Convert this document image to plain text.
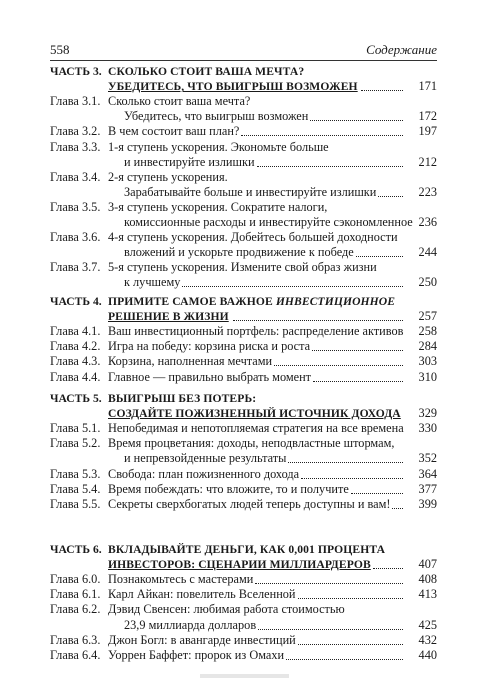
558	Содержание
ЧАСТЬ 3. СКОЛЬКО СТОИТ ВАША МЕЧТА?
УБЕДИТЕСЬ, ЧТО ВЫИГРЫШ ВОЗМОЖЕН	171
Глава 3.1. Сколько стоит ваша мечта?
Убедитесь, что выигрыш возможен	172
Глава 3.2. В чем состоит ваш план?	197
Глава 3.3. 1-я ступень ускорения. Экономьте больше
и инвестируйте излишки	212
Глава 3.4. 2-я ступень ускорения.
Зарабатывайте больше и инвестируйте излишки	223
Глава 3.5. 3-я ступень ускорения. Сократите налоги,
комиссионные расходы и инвестируйте сэкономленное 236
Глава 3.6. 4-я ступень ускорения. Добейтесь большей доходности
вложений и ускорьте продвижение к победе	244
Глава 3.7. 5-я ступень ускорения. Измените свой образ жизни
к лучшему	250
ЧАСТЬ 4. ПРИМИТЕ САМОЕ ВАЖНОЕ ИНВЕСТИЦИОННОЕ
РЕШЕНИЕ В ЖИЗНИ	257
Глава 4.1. Ваш инвестиционный портфель: распределение активов 258
Глава 4.2. Игра на победу: корзина риска и роста	284
Глава 4.3. Корзина, наполненная мечтами	303
Глава 4.4. Главное — правильно выбрать момент	310
ЧАСТЬ 5. ВЫИГРЫШ БЕЗ ПОТЕРЬ:
СОЗДАЙТЕ ПОЖИЗНЕННЫЙ ИСТОЧНИК ДОХОДА 329
Глава 5.1. Непобедимая и непотопляемая стратегия на все времена 330
Глава 5.2. Время процветания: доходы, неподвластные штормам,
и непревзойденные результаты	352
Глава 5.3. Свобода: план пожизненного дохода	364
Глава 5.4. Время побеждать: что вложите, то и получите	377
Глава 5.5. Секреты сверхбогатых людей теперь доступны и вам! 399
ЧАСТЬ 6. ВКЛАДЫВАЙТЕ ДЕНЬГИ, КАК 0,001 ПРОЦЕНТА
ИНВЕСТОРОВ: СЦЕНАРИИ МИЛЛИАРДЕРОВ	407
Глава 6.0. Познакомьтесь с мастерами	408
Глава 6.1. Карл Айкан: повелитель Вселенной	413
Глава 6.2. Дэвид Свенсен: любимая работа стоимостью
23,9 миллиарда долларов	425
Глава 6.3. Джон Богл: в авангарде инвестиций	432
Глава 6.4. Уоррен Баффет: пророк из Омахи	440
